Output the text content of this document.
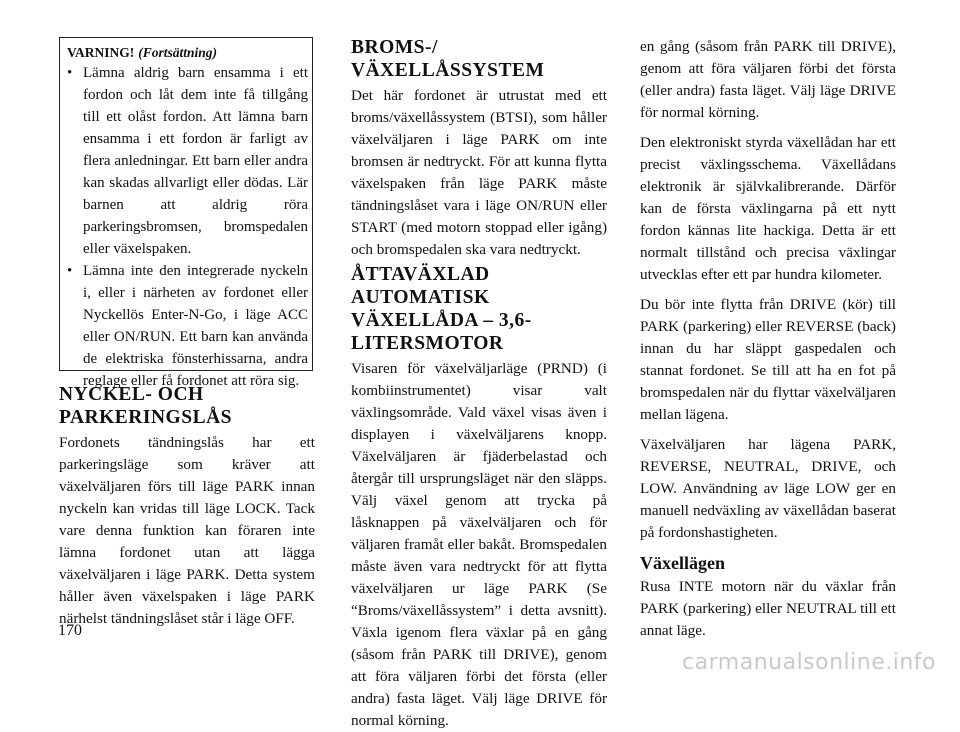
VARNING! (Fortsättning)
• Lämna aldrig barn ensamma i ett fordon och låt dem inte få tillgång till ett olåst fordon. Att lämna barn ensamma i ett fordon är farligt av flera anledningar. Ett barn eller andra kan skadas allvarligt eller dödas. Lär barnen att aldrig röra parkeringsbromsen, bromspedalen eller växelspaken.
• Lämna inte den integrerade nyckeln i, eller i närheten av fordonet eller Nyckellös Enter-N-Go, i läge ACC eller ON/RUN. Ett barn kan använda de elektriska fönsterhissarna, andra reglage eller få fordonet att röra sig.
NYCKEL- OCH PARKERINGSLÅS

Fordonets tändningslås har ett parkeringsläge som kräver att växelväljaren förs till läge PARK innan nyckeln kan vridas till läge LOCK. Tack vare denna funktion kan föraren inte lämna fordonet utan att lägga växelväljaren i läge PARK. Detta system håller även växelspaken i läge PARK närhelst tändningslåset står i läge OFF.

BROMS-/ VÄXELLÅSSYSTEM

Det här fordonet är utrustat med ett broms/växellåssystem (BTSI), som håller växelväljaren i läge PARK om inte bromsen är nedtryckt. För att kunna flytta växelspaken från läge PARK måste tändningslåset vara i läge ON/RUN eller START (med motorn stoppad eller igång) och bromspedalen ska vara nedtryckt.

ÅTTAVÄXLAD AUTOMATISK VÄXELLÅDA – 3,6-LITERSMOTOR

Visaren för växelväljarläge (PRND) (i kombiinstrumentet) visar valt växlingsområde. Vald växel visas även i displayen i växelväljarens knopp. Växelväljaren är fjäderbelastad och återgår till ursprungsläget när den släpps. Välj växel genom att trycka på låsknappen på växelväljaren och för väljaren framåt eller bakåt. Bromspedalen måste även vara nedtryckt för att flytta växelväljaren ur läge PARK (Se “Broms/växellåssystem” i detta avsnitt). Växla igenom flera växlar på en gång (såsom från PARK till DRIVE), genom att föra väljaren förbi det första (eller andra) fasta läget. Välj läge DRIVE för normal körning.

en gång (såsom från PARK till DRIVE), genom att föra väljaren förbi det första (eller andra) fasta läget. Välj läge DRIVE för normal körning.

Den elektroniskt styrda växellådan har ett precist växlingsschema. Växellådans elektronik är självkalibrerande. Därför kan de första växlingarna på ett nytt fordon kännas lite hackiga. Detta är ett normalt tillstånd och precisa växlingar utvecklas efter ett par hundra kilometer.

Du bör inte flytta från DRIVE (kör) till PARK (parkering) eller REVERSE (back) innan du har släppt gaspedalen och stannat fordonet. Se till att ha en fot på bromspedalen när du flyttar växelväljaren mellan lägena.

Växelväljaren har lägena PARK, REVERSE, NEUTRAL, DRIVE, och LOW. Användning av läge LOW ger en manuell nedväxling av växellådan baserat på fordonshastigheten.

Växellägen

Rusa INTE motorn när du växlar från PARK (parkering) eller NEUTRAL till ett annat läge.

170
carmanualsonline.info
